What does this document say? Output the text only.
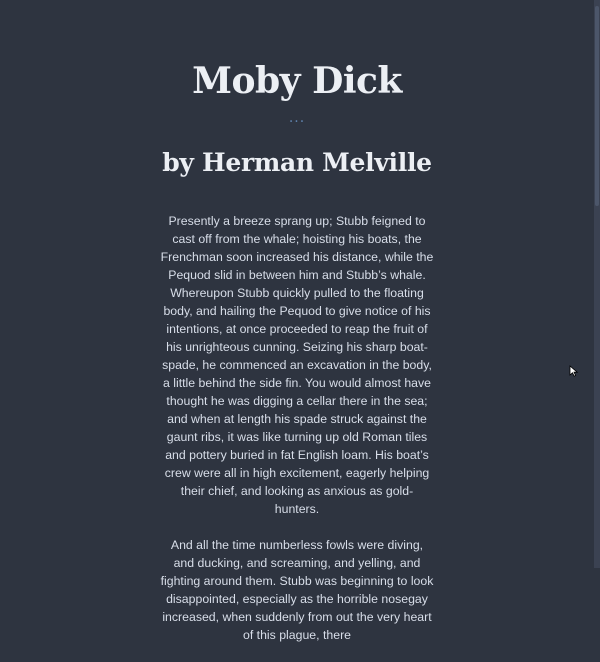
Moby Dick
...
by Herman Melville

Presently a breeze sprang up; Stubb feigned to cast off from the whale; hoisting his boats, the Frenchman soon increased his distance, while the Pequod slid in between him and Stubb’s whale. Whereupon Stubb quickly pulled to the floating body, and hailing the Pequod to give notice of his intentions, at once proceeded to reap the fruit of his unrighteous cunning. Seizing his sharp boat-spade, he commenced an excavation in the body, a little behind the side fin. You would almost have thought he was digging a cellar there in the sea; and when at length his spade struck against the gaunt ribs, it was like turning up old Roman tiles and pottery buried in fat English loam. His boat’s crew were all in high excitement, eagerly helping their chief, and looking as anxious as gold-hunters.

And all the time numberless fowls were diving, and ducking, and screaming, and yelling, and fighting around them. Stubb was beginning to look disappointed, especially as the horrible nosegay increased, when suddenly from out the very heart of this plague, there
